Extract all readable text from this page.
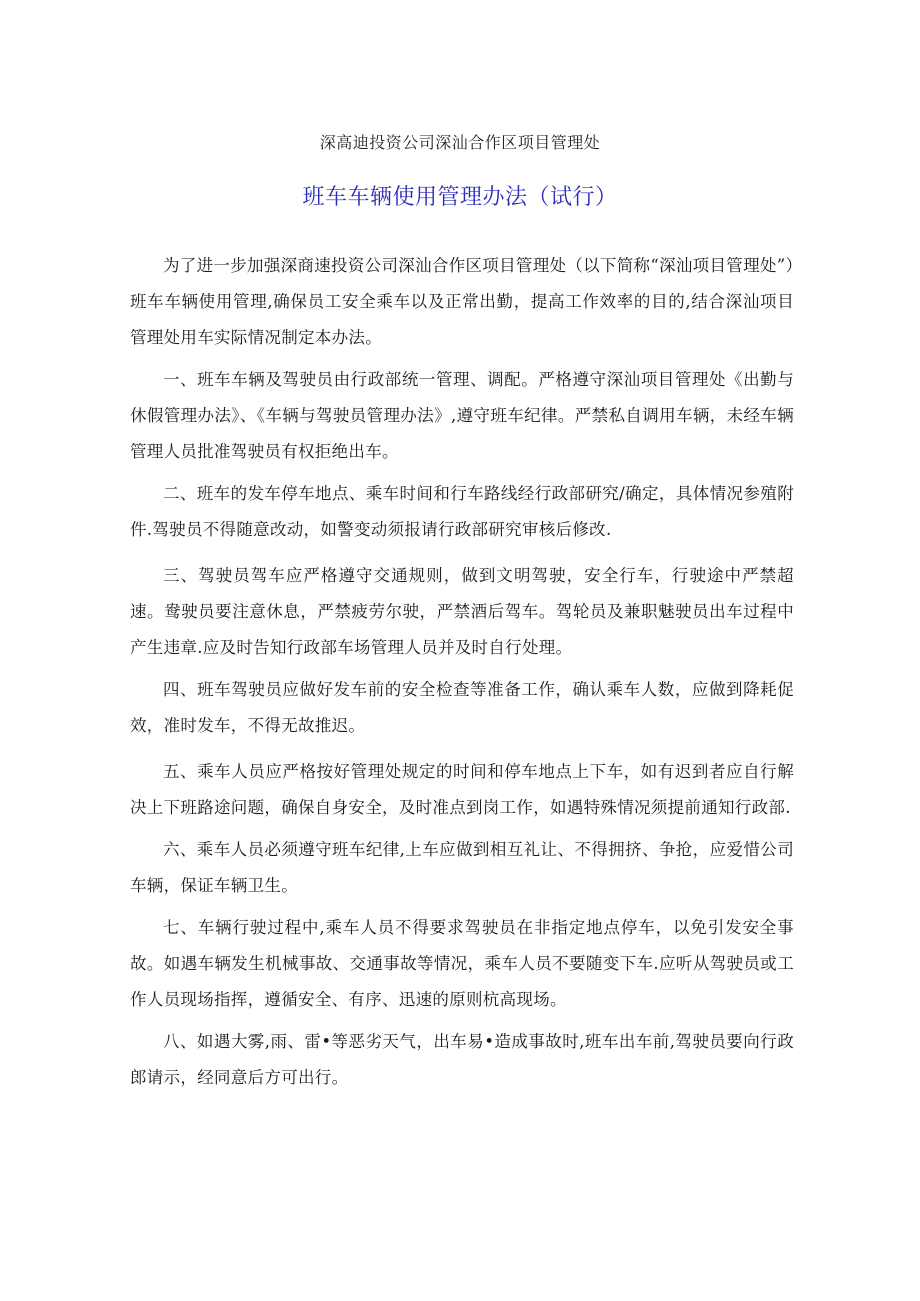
深高迪投资公司深汕合作区项目管理处
班车车辆使用管理办法（试行）

为了进一步加强深商速投资公司深汕合作区项目管理处（以下简称“深汕项目管理处”）班车车辆使用管理,确保员工安全乘车以及正常出勤，提高工作效率的目的,结合深汕项目管理处用车实际情况制定本办法。

一、班车车辆及驾驶员由行政部统一管理、调配。严格遵守深汕项目管理处《出勤与休假管理办法》、《车辆与驾驶员管理办法》,遵守班车纪律。严禁私自调用车辆，未经车辆管理人员批准驾驶员有权拒绝出车。

二、班车的发车停车地点、乘车时间和行车路线经行政部研究/确定，具体情况参殖附件.驾驶员不得随意改动，如警变动须报请行政部研究审核后修改.

三、驾驶员驾车应严格遵守交通规则，做到文明驾驶，安全行车，行驶途中严禁超速。鸯驶员要注意休息，严禁疲劳尔驶，严禁酒后驾车。驾轮员及兼职魅驶员出车过程中产生违章.应及时告知行政部车场管理人员并及时自行处理。

四、班车驾驶员应做好发车前的安全检查等准备工作，确认乘车人数，应做到降耗促效，准时发车，不得无故推迟。

五、乘车人员应严格按好管理处规定的时间和停车地点上下车，如有迟到者应自行解决上下班路途问题，确保自身安全，及时准点到岗工作，如遇特殊情况须提前通知行政部.

六、乘车人员必须遵守班车纪律,上车应做到相互礼让、不得拥挤、争抢，应爱惜公司车辆，保证车辆卫生。

七、车辆行驶过程中,乘车人员不得要求驾驶员在非指定地点停车，以免引发安全事故。如遇车辆发生机械事故、交通事故等情况，乘车人员不要随变下车.应听从驾驶员或工作人员现场指挥，遵循安全、有序、迅速的原则杭高现场。

八、如遇大雾,雨、雷•等恶劣天气，出车易•造成事故时,班车出车前,驾驶员要向行政郎请示，经同意后方可出行。
